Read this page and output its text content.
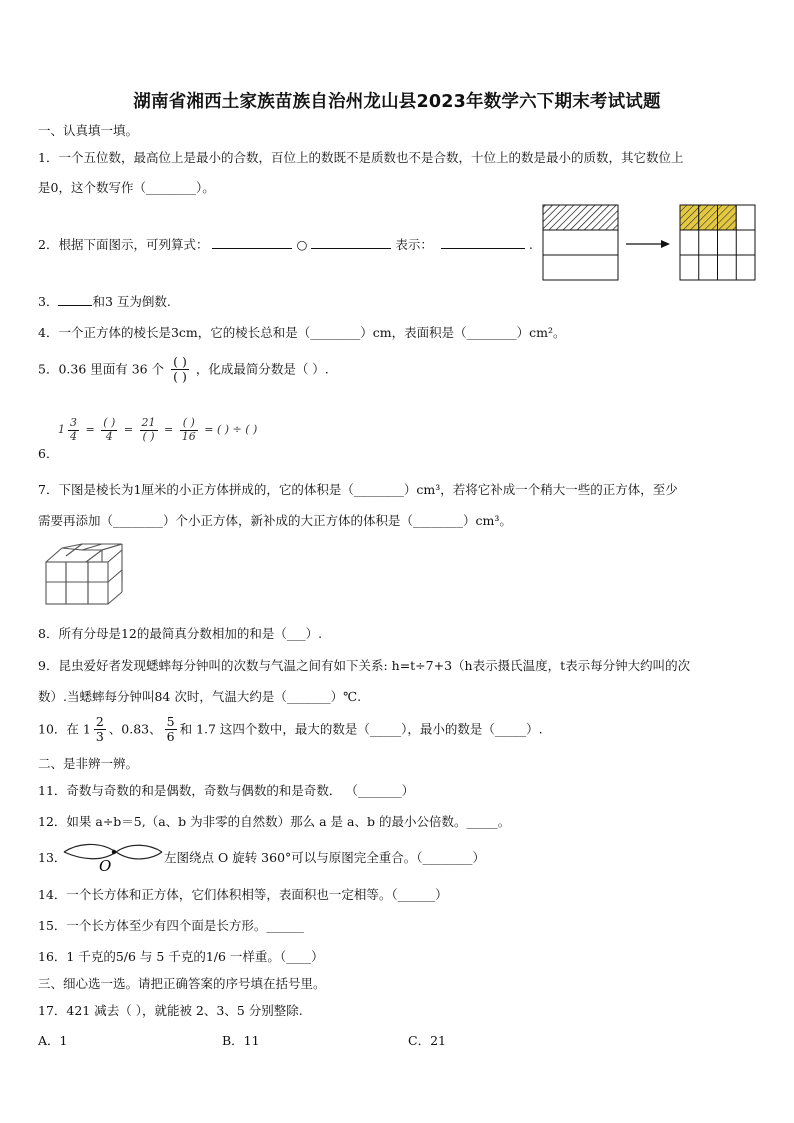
湖南省湘西土家族苗族自治州龙山县2023年数学六下期末考试试题
一、认真填一填。
1．一个五位数，最高位上是最小的合数，百位上的数既不是质数也不是合数，十位上的数是最小的质数，其它数位上
是0，这个数写作（________）。
2．根据下面图示，可列算式：	○	表示：	.
3．	和3 互为倒数.
4．一个正方体的棱长是3cm，它的棱长总和是（________）cm，表面积是（________）cm²。
5．0.36 里面有 36 个 $\frac{( )}{( )}$ ，化成最简分数是（ ）.
6．
$1 \frac{3}{4} = \frac{( )}{4} = \frac{21}{( )} = \frac{( )}{16}$ = ( ) ÷ ( )
7．下图是棱长为1厘米的小正方体拼成的，它的体积是（________）cm³，若将它补成一个稍大一些的正方体，至少
需要再添加（________）个小正方体，新补成的大正方体的体积是（________）cm³。
8．所有分母是12的最简真分数相加的和是（___）.
9．昆虫爱好者发现蟋蟀每分钟叫的次数与气温之间有如下关系: h=t÷7+3（h表示摄氏温度，t表示每分钟大约叫的次
数）.当蟋蟀每分钟叫84 次时，气温大约是（_______）℃.
10．在 $1 \frac{2}{3}$ 、0.83、 $\frac{5}{6}$ 和 1.7 这四个数中，最大的数是（_____），最小的数是（_____）.
二、是非辨一辨。
11．奇数与奇数的和是偶数，奇数与偶数的和是奇数． （_______）
12．如果 a÷b＝5,（a、b 为非零的自然数）那么 a 是 a、b 的最小公倍数。_____。
13． O	左图绕点 O 旋转 360°可以与原图完全重合。（________）
14．一个长方体和正方体，它们体积相等，表面积也一定相等。（______）
15．一个长方体至少有四个面是长方形。______
16．1 千克的5/6 与 5 千克的1/6 一样重。（____）
三、细心选一选。请把正确答案的序号填在括号里。
17．421 减去（ ），就能被 2、3、5 分别整除.
A．1	B．11	C．21
